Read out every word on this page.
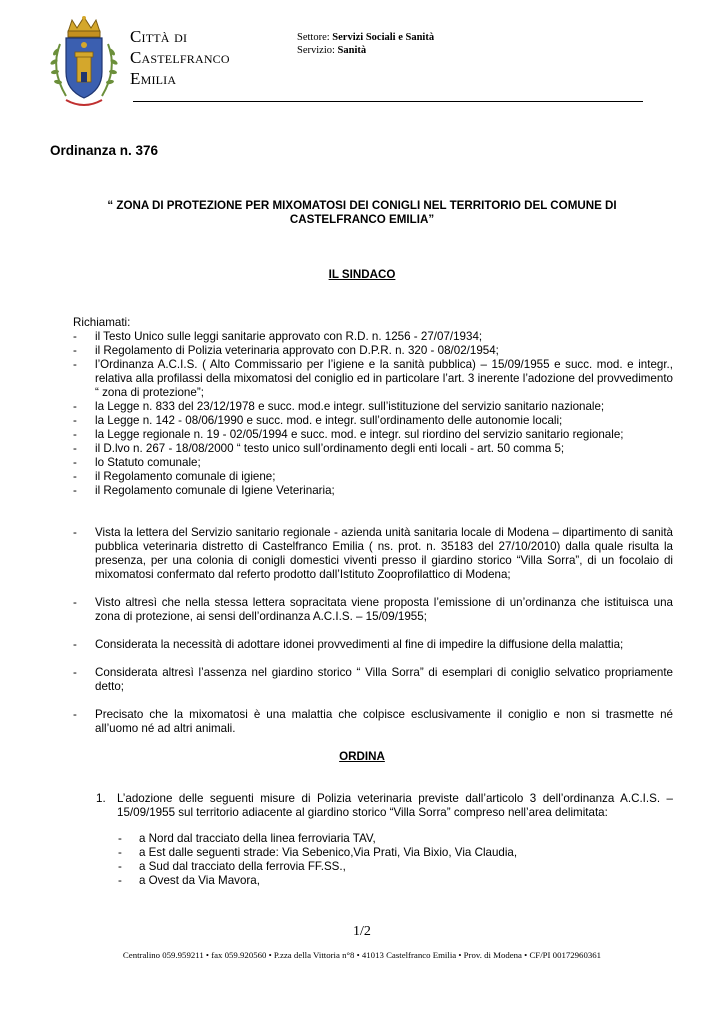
Città di
Castelfranco
Emilia
Settore: Servizi Sociali e Sanità
Servizio: Sanità
Ordinanza n. 376
“ ZONA DI PROTEZIONE PER MIXOMATOSI DEI CONIGLI NEL TERRITORIO DEL COMUNE DI CASTELFRANCO EMILIA”
IL SINDACO
Richiamati:
-	il Testo Unico sulle leggi sanitarie approvato con R.D. n. 1256 - 27/07/1934;
-	il Regolamento di Polizia veterinaria approvato con D.P.R. n. 320 - 08/02/1954;
-	l’Ordinanza A.C.I.S. ( Alto Commissario per l’igiene e la sanità pubblica) – 15/09/1955 e succ. mod. e integr., relativa alla profilassi della mixomatosi del coniglio ed in particolare l’art. 3 inerente l’adozione del provvedimento “ zona di protezione”;
-	la Legge n. 833 del 23/12/1978 e succ. mod.e integr. sull’istituzione del servizio sanitario nazionale;
-	la Legge n. 142 - 08/06/1990 e succ. mod. e integr. sull’ordinamento delle autonomie locali;
-	la Legge regionale n. 19 - 02/05/1994 e succ. mod. e integr. sul riordino del servizio sanitario regionale;
-	il D.lvo n. 267 - 18/08/2000 “ testo unico sull’ordinamento degli enti locali - art. 50 comma 5;
-	lo Statuto comunale;
-	il Regolamento comunale di igiene;
-	il Regolamento comunale di Igiene Veterinaria;
-	Vista la lettera del Servizio sanitario regionale - azienda unità sanitaria locale di Modena – dipartimento di sanità pubblica veterinaria distretto di Castelfranco Emilia ( ns. prot. n. 35183 del 27/10/2010) dalla quale risulta la presenza, per una colonia di conigli domestici viventi presso il giardino storico “Villa Sorra”, di un focolaio di mixomatosi confermato dal referto prodotto dall’Istituto Zooprofilattico di Modena;
-	Visto altresì che nella stessa lettera sopracitata viene proposta l’emissione di un’ordinanza che istituisca una zona di protezione, ai sensi dell’ordinanza A.C.I.S. – 15/09/1955;
-	Considerata la necessità di adottare idonei provvedimenti al fine di impedire la diffusione della malattia;
-	Considerata altresì l’assenza nel giardino storico “ Villa Sorra” di esemplari di coniglio selvatico propriamente detto;
-	Precisato che la mixomatosi è una malattia che colpisce esclusivamente il coniglio e non si trasmette né all’uomo né ad altri animali.
ORDINA
1. L’adozione delle seguenti misure di Polizia veterinaria previste dall’articolo 3 dell’ordinanza A.C.I.S. – 15/09/1955 sul territorio adiacente al giardino storico “Villa Sorra” compreso nell’area delimitata:
-	a Nord dal tracciato della linea ferroviaria TAV,
-	a Est dalle seguenti strade: Via Sebenico,Via Prati, Via Bixio, Via Claudia,
-	a Sud dal tracciato della ferrovia FF.SS.,
-	a Ovest da Via Mavora,
1/2
Centralino 059.959211 • fax 059.920560 • P.zza della Vittoria n°8 • 41013 Castelfranco Emilia • Prov. di Modena • CF/PI 00172960361
